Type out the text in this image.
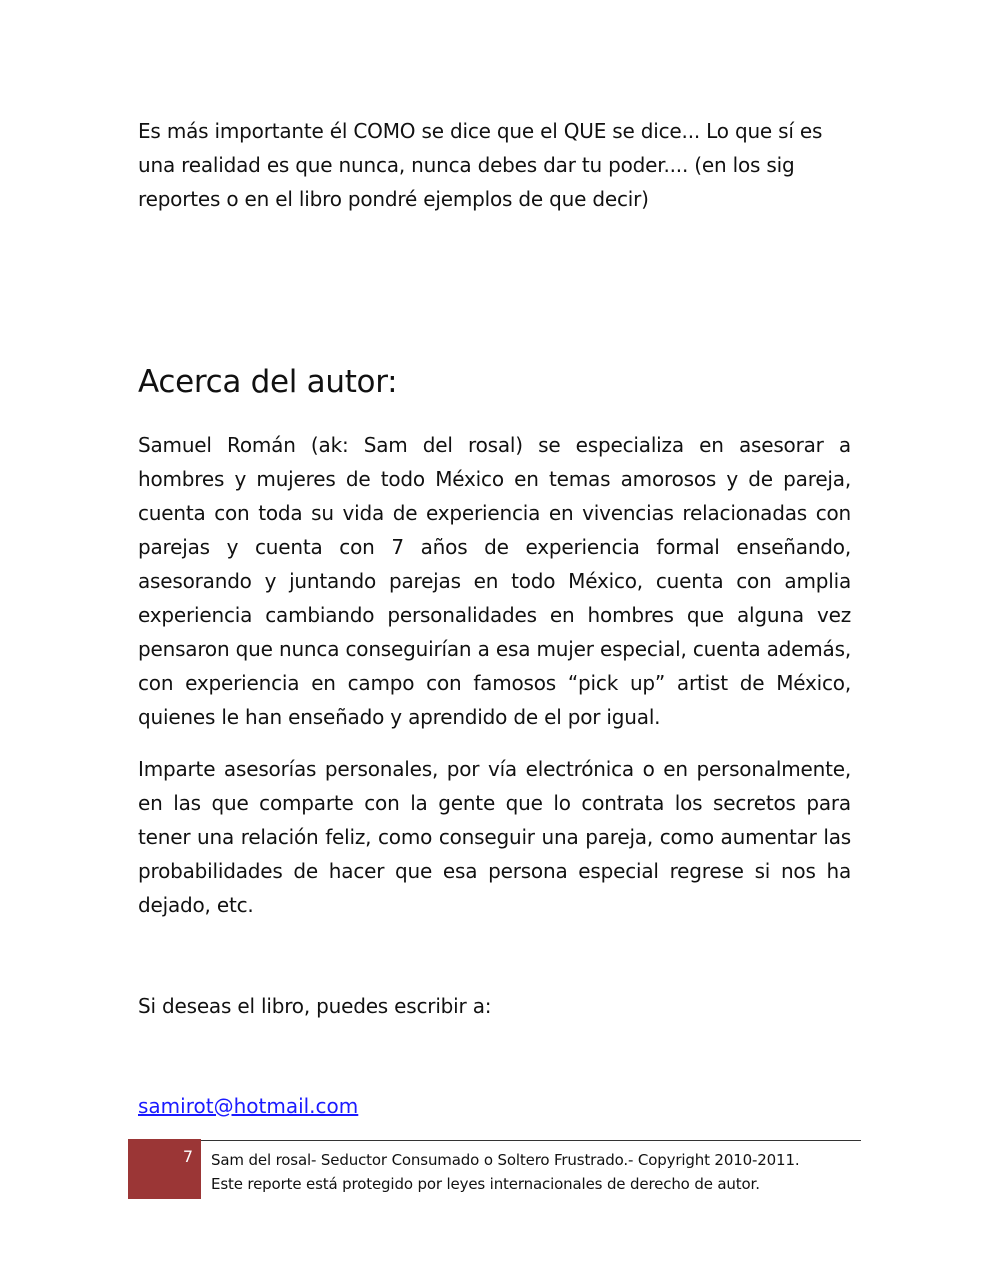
Es más importante él COMO se dice que el QUE se dice... Lo que sí es una realidad es que nunca, nunca debes dar tu poder.... (en los sig reportes o en el libro pondré ejemplos de que decir)

Acerca del autor:

Samuel Román (ak: Sam del rosal) se especializa en asesorar a hombres y mujeres de todo México en temas amorosos y de pareja, cuenta con toda su vida de experiencia en vivencias relacionadas con parejas y cuenta con 7 años de experiencia formal enseñando, asesorando y juntando parejas en todo México, cuenta con amplia experiencia cambiando personalidades en hombres que alguna vez pensaron que nunca conseguirían a esa mujer especial, cuenta además, con experiencia en campo con famosos “pick up” artist de México, quienes le han enseñado y aprendido de el por igual.

Imparte asesorías personales, por vía electrónica o en personalmente, en las que comparte con la gente que lo contrata los secretos para tener una relación feliz, como conseguir una pareja, como aumentar las probabilidades de hacer que esa persona especial regrese si nos ha dejado, etc.

Si deseas el libro, puedes escribir a:

samirot@hotmail.com
7 Sam del rosal- Seductor Consumado o Soltero Frustrado.- Copyright 2010-2011.
Este reporte está protegido por leyes internacionales de derecho de autor.
